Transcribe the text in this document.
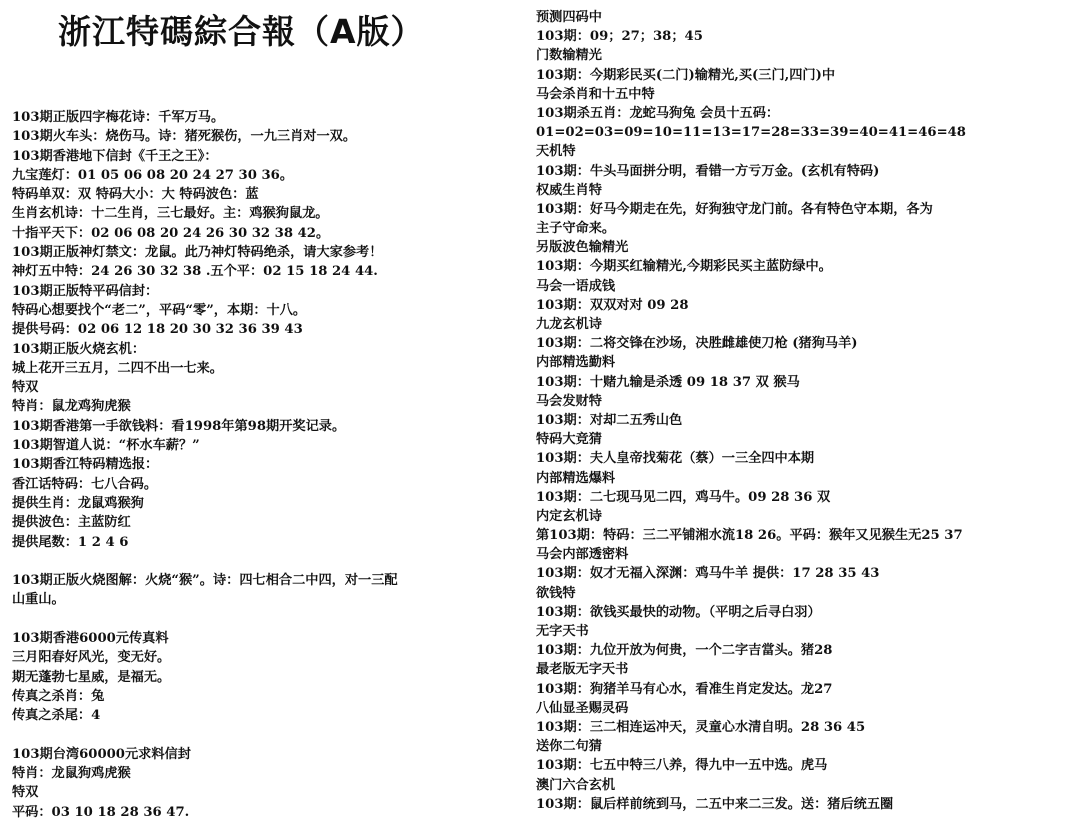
浙江特碼綜合報（A版）
103期正版四字梅花诗：千军万马。
103期火车头：烧伤马。诗：猪死猴伤，一九三肖对一双。
103期香港地下信封《千王之王》：
九宝莲灯：01 05 06 08 20 24 27 30 36。
特码单双：双 特码大小：大 特码波色：蓝
生肖玄机诗：十二生肖，三七最好。主：鸡猴狗鼠龙。
十指平天下：02 06 08 20 24 26 30 32 38 42。
103期正版神灯禁文：龙鼠。此乃神灯特码绝杀，请大家参考！
神灯五中特：24 26 30 32 38 .五个平：02 15 18 24 44.
103期正版特平码信封：
特码心想要找个“老二”，平码“零”，本期：十八。
提供号码：02 06 12 18 20 30 32 36 39 43
103期正版火烧玄机：
城上花开三五月，二四不出一七来。
特双
特肖：鼠龙鸡狗虎猴
103期香港第一手欲钱料：看1998年第98期开奖记录。
103期智道人说：“杯水车薪？”
103期香江特码精选报：
香江话特码：七八合码。
提供生肖：龙鼠鸡猴狗
提供波色：主蓝防红
提供尾数：1 2 4 6
103期正版火烧图解：火烧“猴”。诗：四七相合二中四，对一三配
山重山。
103期香港6000元传真料
三月阳春好风光，变无好。
期无蓬勃七星威，是福无。
传真之杀肖：兔
传真之杀尾：4
103期台湾60000元求料信封
特肖：龙鼠狗鸡虎猴
特双
平码：03 10 18 28 36 47.
预测四码中
103期：09；27；38；45
门数输精光
103期：今期彩民买(二门)输精光,买(三门,四门)中
马会杀肖和十五中特
103期杀五肖：龙蛇马狗兔 会员十五码：
01=02=03=09=10=11=13=17=28=33=39=40=41=46=48
天机特
103期：牛头马面拼分明，看错一方亏万金。(玄机有特码)
权威生肖特
103期：好马今期走在先，好狗独守龙门前。各有特色守本期，各为
主子守命来。
另版波色输精光
103期：今期买红输精光,今期彩民买主蓝防绿中。
马会一语成钱
103期：双双对对 09 28
九龙玄机诗
103期：二将交锋在沙场，决胜雌雄使刀枪 (猪狗马羊)
内部精选勤料
103期：十赌九输是杀透 09 18 37 双 猴马
马会发财特
103期：对却二五秀山色
特码大竞猜
103期：夫人皇帝找菊花（蔡）一三全四中本期
内部精选爆料
103期：二七现马见二四，鸡马牛。09 28 36 双
内定玄机诗
第103期：特码：三二平铺湘水流18 26。平码：猴年又见猴生无25 37
马会内部透密料
103期：奴才无福入深渊：鸡马牛羊 提供：17 28 35 43
欲钱特
103期：欲钱买最快的动物。（平明之后寻白羽）
无字天书
103期：九位开放为何贵，一个二字吉當头。猪28
最老版无字天书
103期：狗猪羊马有心水，看准生肖定发达。龙27
八仙显圣赐灵码
103期：三二相连运冲天，灵童心水清自明。28 36 45
送你二句猜
103期：七五中特三八养，得九中一五中选。虎马
澳门六合玄机
103期：鼠后样前统到马，二五中来二三发。送：猪后统五圈
